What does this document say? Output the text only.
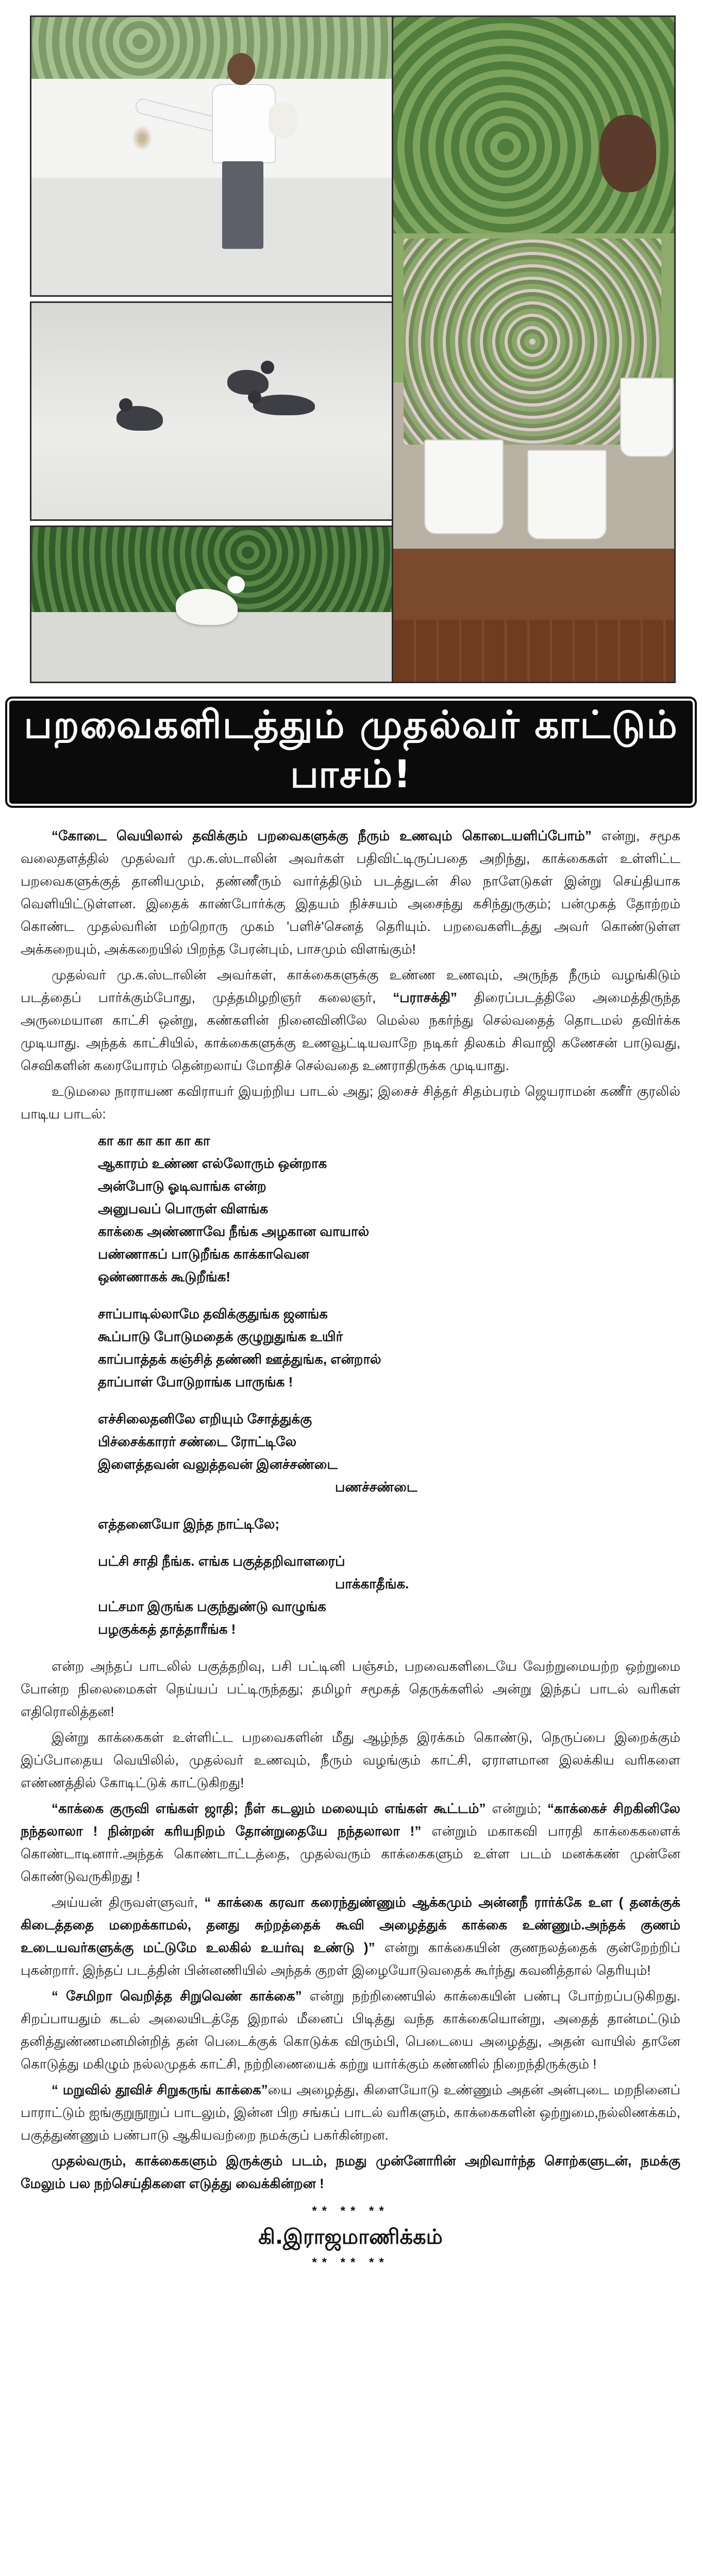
பறவைகளிடத்தும் முதல்வர் காட்டும் பாசம்!

“கோடை வெயிலால் தவிக்கும் பறவைகளுக்கு நீரும் உணவும் கொடையளிப்போம்” என்று, சமூக வலைதளத்தில் முதல்வர் மு.க.ஸ்டாலின் அவர்கள் பதிவிட்டிருப்பதை அறிந்து, காக்கைகள் உள்ளிட்ட பறவைகளுக்குத் தானியமும், தண்ணீரும் வார்த்திடும் படத்துடன் சில நாளேடுகள் இன்று செய்தியாக வெளியிட்டுள்ளன. இதைக் காண்போர்க்கு இதயம் நிச்சயம் அசைந்து கசிந்துருகும்; பன்முகத் தோற்றம் கொண்ட முதல்வரின் மற்றொரு முகம் 'பளிச்'செனத் தெரியும். பறவைகளிடத்து அவர் கொண்டுள்ள அக்கறையும், அக்கறையில் பிறந்த பேரன்பும், பாசமும் விளங்கும்!

முதல்வர் மு.க.ஸ்டாலின் அவர்கள், காக்கைகளுக்கு உண்ண உணவும், அருந்த நீரும் வழங்கிடும் படத்தைப் பார்க்கும்போது, முத்தமிழறிஞர் கலைஞர், “பராசக்தி” திரைப்படத்திலே அமைத்திருந்த அருமையான காட்சி ஒன்று, கண்களின் நினைவினிலே மெல்ல நகர்ந்து செல்வதைத் தொடமல் தவிர்க்க முடியாது. அந்தக் காட்சியில், காக்கைகளுக்கு உணவூட்டியவாறே நடிகர் திலகம் சிவாஜி கணேசன் பாடுவது, செவிகளின் கரையோரம் தென்றலாய் மோதிச் செல்வதை உணராதிருக்க முடியாது.

உடுமலை நாராயண கவிராயர் இயற்றிய பாடல் அது; இசைச் சித்தர் சிதம்பரம் ஜெயராமன் கணீர் குரலில் பாடிய பாடல்:

கா கா கா கா கா கா
ஆகாரம் உண்ண எல்லோரும் ஒன்றாக
அன்போடு ஓடிவாங்க என்ற
அனுபவப் பொருள் விளங்க
காக்கை அண்ணாவே நீங்க அழகான வாயால்
பண்ணாகப் பாடுறீங்க காக்காவென
ஒண்ணாகக் கூடுறீங்க!
சாப்பாடில்லாமே தவிக்குதுங்க ஜனங்க
கூப்பாடு போடுமதைக் குழுறுதுங்க உயிர்
காப்பாத்தக் கஞ்சித் தண்ணி ஊத்துங்க, என்றால்
தாப்பாள் போடுறாங்க பாருங்க !
எச்சிலைதனிலே எறியும் சோத்துக்கு
பிச்சைக்காரர் சண்டை ரோட்டிலே
இளைத்தவன் வலுத்தவன் இனச்சண்டை
பணச்சண்டை
எத்தனையோ இந்த நாட்டிலே;
பட்சி சாதி நீங்க. எங்க பகுத்தறிவாளரைப்
பாக்காதீங்க.
பட்சமா இருங்க பகுந்துண்டு வாழுங்க
பழகுக்கத் தாத்தாரீங்க !

என்ற அந்தப் பாடலில் பகுத்தறிவு, பசி பட்டினி பஞ்சம், பறவைகளிடையே வேற்றுமையற்ற ஒற்றுமை போன்ற நிலைமைகள் நெய்யப் பட்டிருந்தது; தமிழர் சமூகத் தெருக்களில் அன்று இந்தப் பாடல் வரிகள் எதிரொலித்தன!

இன்று காக்கைகள் உள்ளிட்ட பறவைகளின் மீது ஆழ்ந்த இரக்கம் கொண்டு, நெருப்பை இறைக்கும் இப்போதைய வெயிலில், முதல்வர் உணவும், நீரும் வழங்கும் காட்சி, ஏராளமான இலக்கிய வரிகளை எண்ணத்தில் கோடிட்டுக் காட்டுகிறது!

“காக்கை குருவி எங்கள் ஜாதி; நீள் கடலும் மலையும் எங்கள் கூட்டம்” என்றும்; “காக்கைச் சிறகினிலே நந்தலாலா ! நின்றன் கரியநிறம் தோன்றுதையே நந்தலாலா !” என்றும் மகாகவி பாரதி காக்கைகளைக் கொண்டாடினார்.அந்தக் கொண்டாட்டத்தை, முதல்வரும் காக்கைகளும் உள்ள படம் மனக்கண் முன்னே கொண்டுவருகிறது !

அய்யன் திருவள்ளுவர், “ காக்கை கரவா கரைந்துண்ணும் ஆக்கமும் அன்னநீ ரார்க்கே உள ( தனக்குக் கிடைத்ததை மறைக்காமல், தனது சுற்றத்தைக் கூவி அழைத்துக் காக்கை உண்ணும்.அந்தக் குணம் உடையவர்களுக்கு மட்டுமே உலகில் உயர்வு உண்டு )” என்று காக்கையின் குணநலத்தைக் குன்றேற்றிப் புகன்றார். இந்தப் படத்தின் பின்னணியில் அந்தக் குறள் இழையோடுவதைக் கூர்ந்து கவனித்தால் தெரியும்!

“ சேமிறா வெறித்த சிறுவெண் காக்கை” என்று நற்றிணையில் காக்கையின் பண்பு போற்றப்படுகிறது. சிறப்பாயதும் கடல் அலையிடத்தே இறால் மீனைப் பிடித்து வந்த காக்கையொன்று, அதைத் தான்மட்டும் தனித்துண்ணமனமின்றித் தன் பெடைக்குக் கொடுக்க விரும்பி, பெடையை அழைத்து, அதன் வாயில் தானே கொடுத்து மகிழும் நல்லமுதக் காட்சி, நற்றிணையைக் கற்று யார்க்கும் கண்ணில் நிறைந்திருக்கும் !

“ மறுவில் தூவிச் சிறுகருங் காக்கை”யை அழைத்து, கிளையோடு உண்ணும் அதன் அன்புடை மறநினைப் பாராட்டும் ஐங்குறுநூறுப் பாடலும், இன்ன பிற சங்கப் பாடல் வரிகளும், காக்கைகளின் ஒற்றுமை,நல்லிணக்கம், பகுத்துண்ணும் பண்பாடு ஆகியவற்றை நமக்குப் பகர்கின்றன.

முதல்வரும், காக்கைகளும் இருக்கும் படம், நமது முன்னோரின் அறிவார்ந்த சொற்களுடன், நமக்கு மேலும் பல நற்செய்திகளை எடுத்து வைக்கின்றன !

** ** **
கி.இராஜமாணிக்கம்
** ** **
